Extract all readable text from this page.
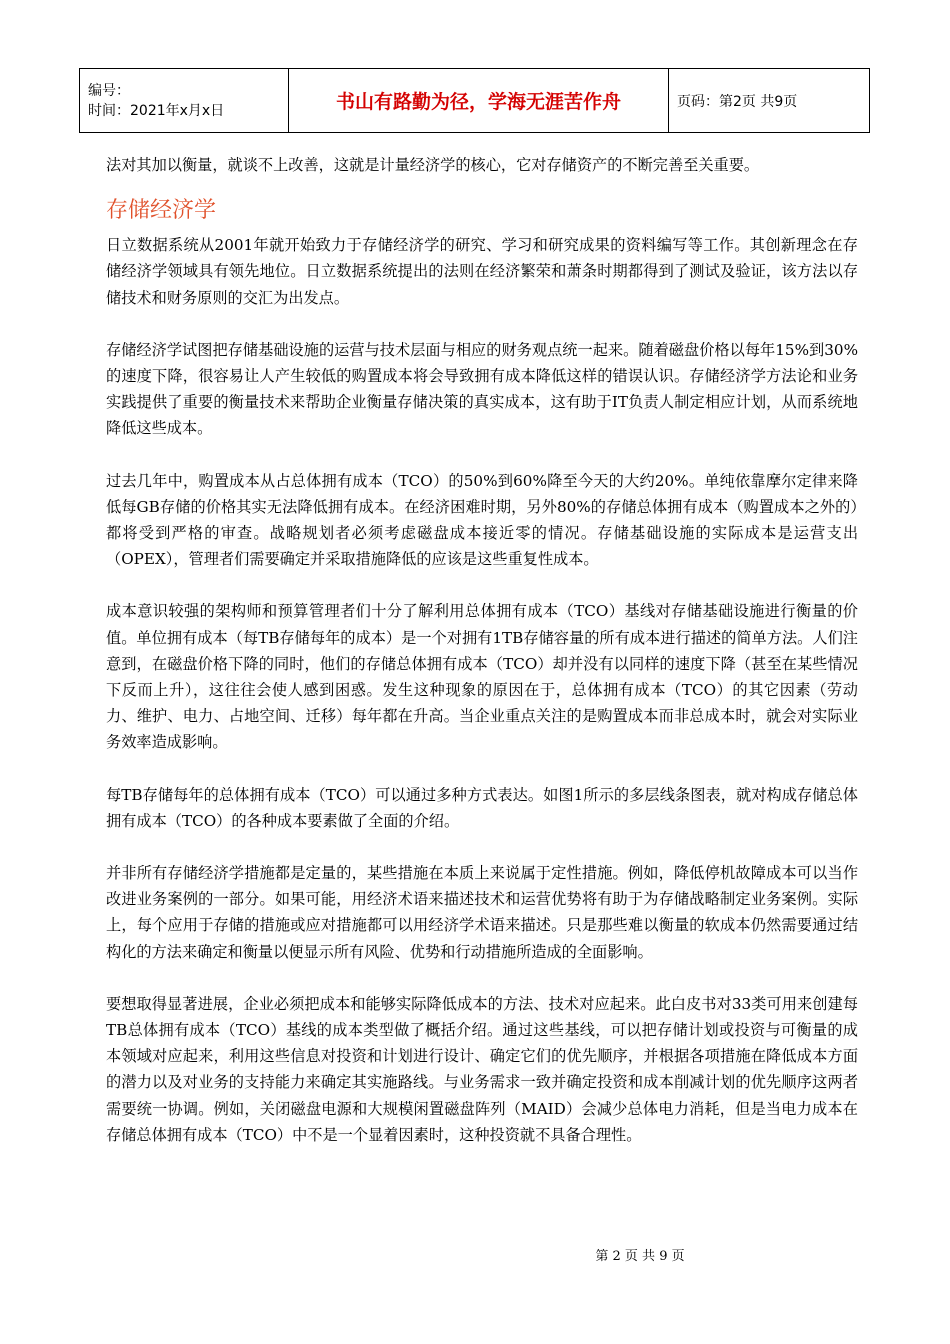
编号：
时间：2021年x月x日	书山有路勤为径，学海无涯苦作舟	页码：第2页 共9页

法对其加以衡量，就谈不上改善，这就是计量经济学的核心，它对存储资产的不断完善至关重要。

存储经济学

日立数据系统从2001年就开始致力于存储经济学的研究、学习和研究成果的资料编写等工作。其创新理念在存储经济学领域具有领先地位。日立数据系统提出的法则在经济繁荣和萧条时期都得到了测试及验证，该方法以存储技术和财务原则的交汇为出发点。

存储经济学试图把存储基础设施的运营与技术层面与相应的财务观点统一起来。随着磁盘价格以每年15%到30%的速度下降，很容易让人产生较低的购置成本将会导致拥有成本降低这样的错误认识。存储经济学方法论和业务实践提供了重要的衡量技术来帮助企业衡量存储决策的真实成本，这有助于IT负责人制定相应计划，从而系统地降低这些成本。

过去几年中，购置成本从占总体拥有成本（TCO）的50%到60%降至今天的大约20%。单纯依靠摩尔定律来降低每GB存储的价格其实无法降低拥有成本。在经济困难时期，另外80%的存储总体拥有成本（购置成本之外的）都将受到严格的审查。战略规划者必须考虑磁盘成本接近零的情况。存储基础设施的实际成本是运营支出（OPEX），管理者们需要确定并采取措施降低的应该是这些重复性成本。

成本意识较强的架构师和预算管理者们十分了解利用总体拥有成本（TCO）基线对存储基础设施进行衡量的价值。单位拥有成本（每TB存储每年的成本）是一个对拥有1TB存储容量的所有成本进行描述的简单方法。人们注意到，在磁盘价格下降的同时，他们的存储总体拥有成本（TCO）却并没有以同样的速度下降（甚至在某些情况下反而上升），这往往会使人感到困惑。发生这种现象的原因在于，总体拥有成本（TCO）的其它因素（劳动力、维护、电力、占地空间、迁移）每年都在升高。当企业重点关注的是购置成本而非总成本时，就会对实际业务效率造成影响。

每TB存储每年的总体拥有成本（TCO）可以通过多种方式表达。如图1所示的多层线条图表，就对构成存储总体拥有成本（TCO）的各种成本要素做了全面的介绍。

并非所有存储经济学措施都是定量的，某些措施在本质上来说属于定性措施。例如，降低停机故障成本可以当作改进业务案例的一部分。如果可能，用经济术语来描述技术和运营优势将有助于为存储战略制定业务案例。实际上，每个应用于存储的措施或应对措施都可以用经济学术语来描述。只是那些难以衡量的软成本仍然需要通过结构化的方法来确定和衡量以便显示所有风险、优势和行动措施所造成的全面影响。

要想取得显著进展，企业必须把成本和能够实际降低成本的方法、技术对应起来。此白皮书对33类可用来创建每TB总体拥有成本（TCO）基线的成本类型做了概括介绍。通过这些基线，可以把存储计划或投资与可衡量的成本领域对应起来，利用这些信息对投资和计划进行设计、确定它们的优先顺序，并根据各项措施在降低成本方面的潜力以及对业务的支持能力来确定其实施路线。与业务需求一致并确定投资和成本削减计划的优先顺序这两者需要统一协调。例如，关闭磁盘电源和大规模闲置磁盘阵列（MAID）会减少总体电力消耗，但是当电力成本在存储总体拥有成本（TCO）中不是一个显着因素时，这种投资就不具备合理性。

第 2 页 共 9 页
